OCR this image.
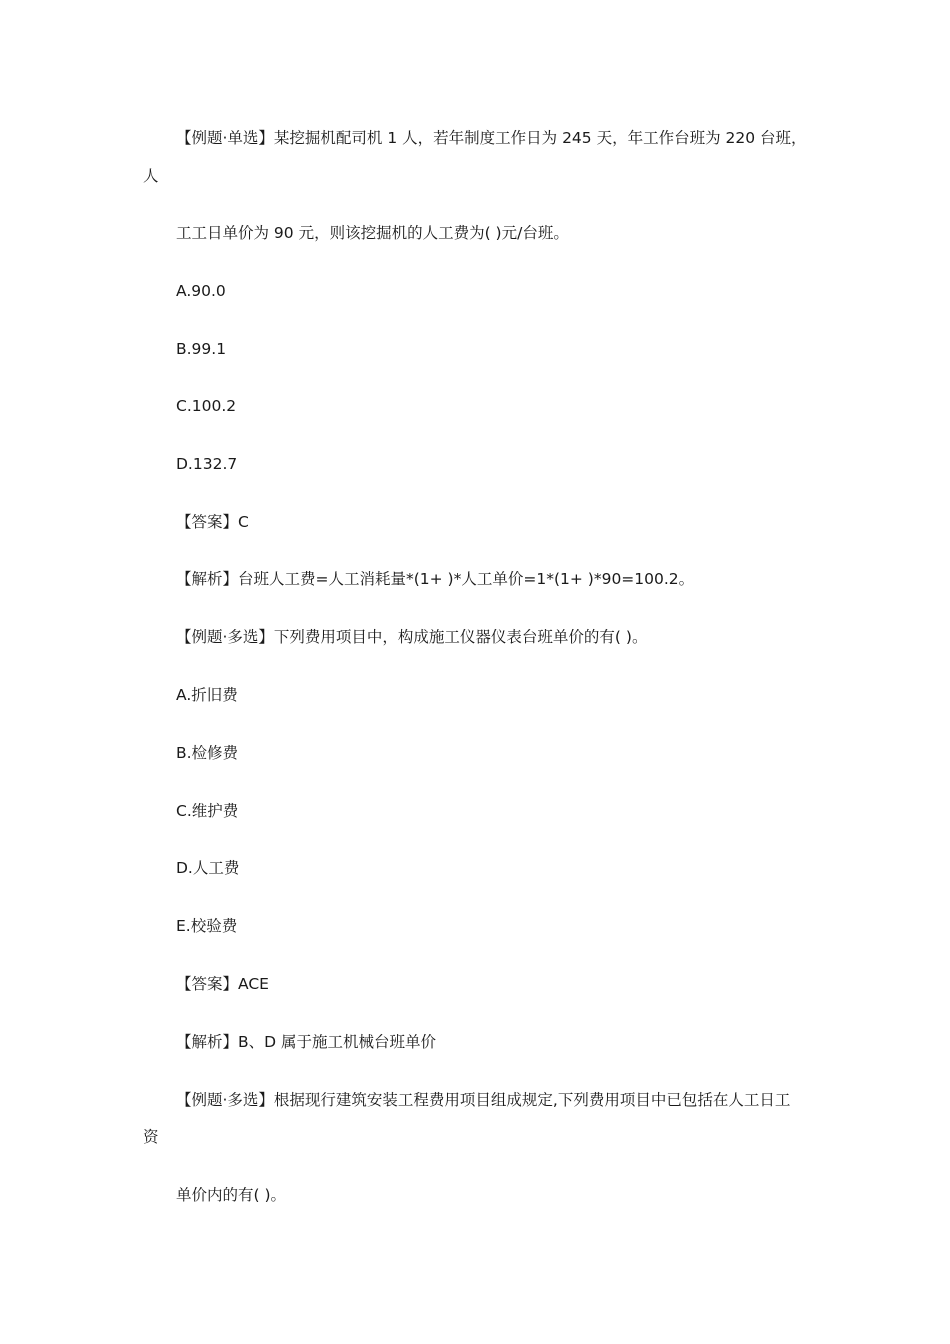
【例题·单选】某挖掘机配司机 1 人，若年制度工作日为 245 天，年工作台班为 220 台班，

人

工工日单价为 90 元，则该挖掘机的人工费为( )元/台班。

A.90.0

B.99.1

C.100.2

D.132.7

【答案】C

【解析】台班人工费=人工消耗量*(1+ )*人工单价=1*(1+ )*90=100.2。

【例题·多选】下列费用项目中，构成施工仪器仪表台班单价的有( )。

A.折旧费

B.检修费

C.维护费

D.人工费

E.校验费

【答案】ACE

【解析】B、D 属于施工机械台班单价

【例题·多选】根据现行建筑安装工程费用项目组成规定,下列费用项目中已包括在人工日工

资

单价内的有( )。
